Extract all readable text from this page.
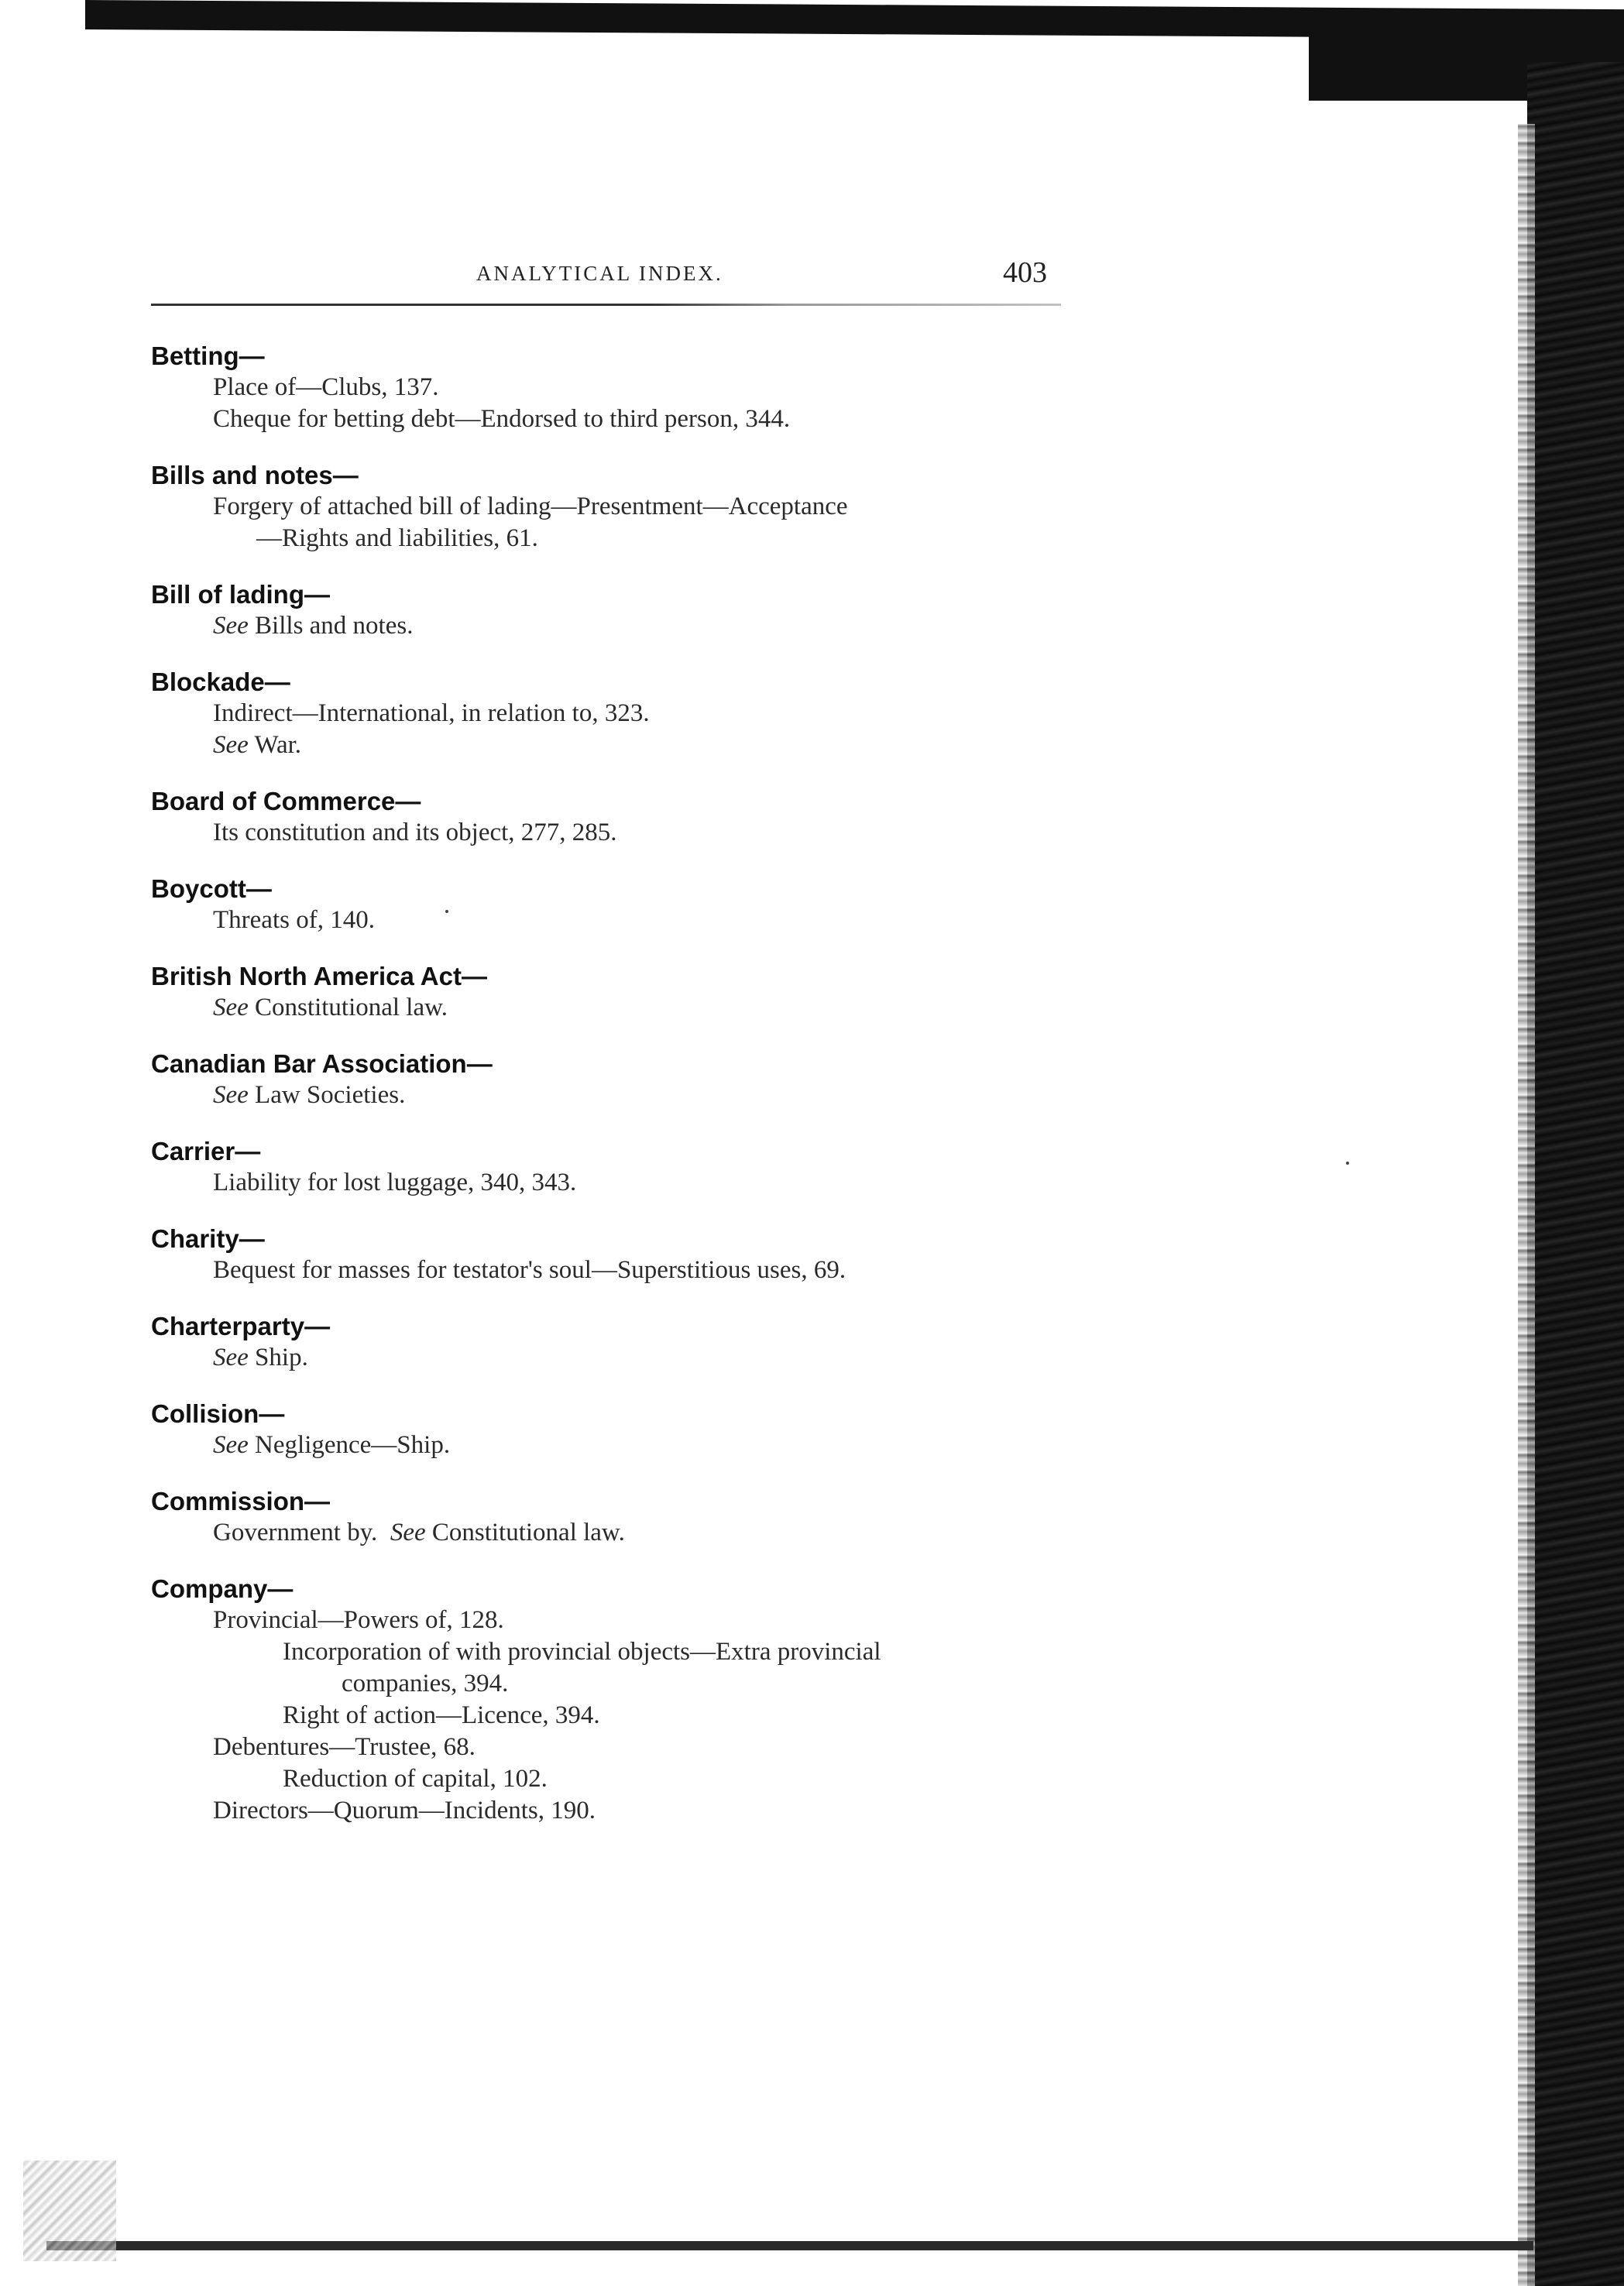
ANALYTICAL INDEX.	403
Betting—
Place of—Clubs, 137.
Cheque for betting debt—Endorsed to third person, 344.
Bills and notes—
Forgery of attached bill of lading—Presentment—Acceptance
—Rights and liabilities, 61.
Bill of lading—
See Bills and notes.
Blockade—
Indirect—International, in relation to, 323.
See War.
Board of Commerce—
Its constitution and its object, 277, 285.
Boycott—
Threats of, 140.
British North America Act—
See Constitutional law.
Canadian Bar Association—
See Law Societies.
Carrier—
Liability for lost luggage, 340, 343.
Charity—
Bequest for masses for testator's soul—Superstitious uses, 69.
Charterparty—
See Ship.
Collision—
See Negligence—Ship.
Commission—
Government by. See Constitutional law.
Company—
Provincial—Powers of, 128.
Incorporation of with provincial objects—Extra provincial
companies, 394.
Right of action—Licence, 394.
Debentures—Trustee, 68.
Reduction of capital, 102.
Directors—Quorum—Incidents, 190.
